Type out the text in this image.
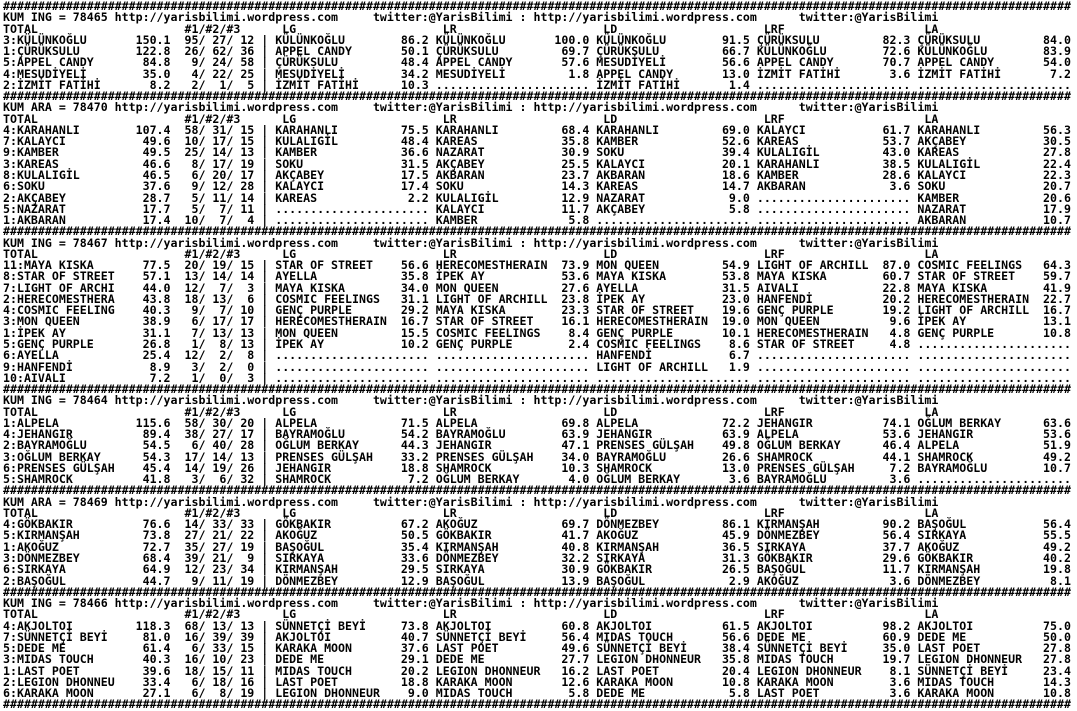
#########################################################################################################################################################
KUM ING = 78465 http://yarisbilimi.wordpress.com     twitter:@YarisBilimi : http://yarisbilimi.wordpress.com      twitter:@YarisBilimi
TOTAL                     #1/#2/#3      LG                     LR                     LD                     LRF                    LA
3:KÜLÜNKOĞLU       150.1  95/ 27/ 12 | KÜLÜNKOĞLU        86.2 KÜLÜNKOĞLU       100.0 KÜLÜNKOĞLU        91.5 ÇÜRÜKSULU         82.3 ÇÜRÜKSULU         84.0
1:ÇÜRÜKSULU        122.8  26/ 62/ 36 | APPEL CANDY       50.1 ÇÜRÜKSULU         69.7 ÇÜRÜKSULU         66.7 KÜLÜNKOĞLU        72.6 KÜLÜNKOĞLU        83.9
5:APPEL CANDY       84.8   9/ 24/ 58 | ÇÜRÜKSULU         48.4 APPEL CANDY       57.6 MESUDİYELİ        56.6 APPEL CANDY       70.7 APPEL CANDY       54.0
4:MESUDİYELİ        35.0   4/ 22/ 25 | MESUDİYELİ        34.2 MESUDİYELİ         1.8 APPEL CANDY       13.0 İZMİT FATİHİ       3.6 İZMİT FATİHİ       7.2
2:İZMİT FATİHİ       8.2   2/  1/  5 | İZMİT FATİHİ      10.3 ...................... İZMİT FATİHİ       1.4 ...................... ......................
#########################################################################################################################################################
KUM ARA = 78470 http://yarisbilimi.wordpress.com     twitter:@YarisBilimi : http://yarisbilimi.wordpress.com      twitter:@YarisBilimi
TOTAL                     #1/#2/#3      LG                     LR                     LD                     LRF                    LA
4:KARAHANLI        107.4  58/ 31/ 15 | KARAHANLI         75.5 KARAHANLI         68.4 KARAHANLI         69.0 KALAYCI           61.7 KARAHANLI         56.3
7:KALAYCI           49.6  10/ 17/ 15 | KULALIGİL         48.4 KAREAS            35.8 KAMBER            52.6 KAREAS            53.7 AKÇABEY           30.5
9:KAMBER            49.5  25/ 14/ 13 | KAMBER            36.6 NAZARAT           30.9 SOKU              39.4 KULALIGİL         43.0 KAREAS            27.8
3:KAREAS            46.6   8/ 17/ 19 | SOKU              31.5 AKÇABEY           25.5 KALAYCI           20.1 KARAHANLI         38.5 KULALIGİL         22.4
8:KULALIGİL         46.5   6/ 20/ 17 | AKÇABEY           17.5 AKBARAN           23.7 AKBARAN           18.6 KAMBER            28.6 KALAYCI           22.3
6:SOKU              37.6   9/ 12/ 28 | KALAYCI           17.4 SOKU              14.3 KAREAS            14.7 AKBARAN            3.6 SOKU              20.7
2:AKÇABEY           28.7   5/ 11/ 14 | KAREAS             2.2 KULALIGİL         12.9 NAZARAT            9.0 ...................... KAMBER            20.6
5:NAZARAT           17.7   5/  7/ 11 | ...................... KALAYCI           11.7 AKÇABEY            5.8 ...................... NAZARAT           17.9
1:AKBARAN           17.4  10/  7/  4 | ...................... KAMBER             5.8 ...................... ...................... AKBARAN           10.7
#########################################################################################################################################################
KUM ING = 78467 http://yarisbilimi.wordpress.com     twitter:@YarisBilimi : http://yarisbilimi.wordpress.com      twitter:@YarisBilimi
TOTAL                     #1/#2/#3      LG                     LR                     LD                     LRF                    LA
11:MAYA KISKA       77.5  20/ 19/ 15 | STAR OF STREET    56.6 HERECOMESTHERAIN  73.9 MON QUEEN         54.9 LIGHT OF ARCHILL  87.0 COSMIC FEELINGS   64.3
8:STAR OF STREET    57.1  13/ 14/ 14 | AYELLA            35.8 İPEK AY           53.6 MAYA KISKA        53.8 MAYA KISKA        60.7 STAR OF STREET    59.7
7:LIGHT OF ARCHI    44.0  12/  7/  3 | MAYA KISKA        34.0 MON QUEEN         27.6 AYELLA            31.5 AIVALI            22.8 MAYA KISKA        41.9
2:HERECOMESTHERA    43.8  18/ 13/  6 | COSMIC FEELINGS   31.1 LIGHT OF ARCHILL  23.8 İPEK AY           23.0 HANFENDİ          20.2 HERECOMESTHERAIN  22.7
4:COSMIC FEELING    40.3   9/  7/ 10 | GENÇ PURPLE       29.2 MAYA KISKA        23.3 STAR OF STREET    19.6 GENÇ PURPLE       19.2 LIGHT OF ARCHILL  16.7
3:MON QUEEN         38.9   6/ 17/ 17 | HERECOMESTHERAIN  16.7 STAR OF STREET    16.1 HERECOMESTHERAIN  19.0 MON QUEEN          9.6 İPEK AY           13.1
1:İPEK AY           31.1   7/ 13/ 13 | MON QUEEN         15.5 COSMIC FEELINGS    8.4 GENÇ PURPLE       10.1 HERECOMESTHERAIN   4.8 GENÇ PURPLE       10.8
5:GENÇ PURPLE       26.8   1/  8/ 13 | İPEK AY           10.2 GENÇ PURPLE        2.4 COSMIC FEELINGS    8.6 STAR OF STREET     4.8 ......................
6:AYELLA            25.4  12/  2/  8 | ...................... ...................... HANFENDİ           6.7 ...................... ......................
9:HANFENDİ           8.9   3/  2/  0 | ...................... ...................... LIGHT OF ARCHILL   1.9 ...................... ......................
10:AIVALI            7.2   1/  0/  3 | ...................... ...................... ...................... ...................... ......................
#########################################################################################################################################################
KUM ING = 78464 http://yarisbilimi.wordpress.com     twitter:@YarisBilimi : http://yarisbilimi.wordpress.com      twitter:@YarisBilimi
TOTAL                     #1/#2/#3      LG                     LR                     LD                     LRF                    LA
1:ALPELA           115.6  58/ 30/ 20 | ALPELA            71.5 ALPELA            69.8 ALPELA            72.2 JEHANGIR          74.1 OĞLUM BERKAY      63.6
4:JEHANGIR          89.4  38/ 27/ 17 | BAYRAMOĞLU        54.2 BAYRAMOĞLU        63.9 JEHANGIR          63.9 ALPELA            53.6 JEHANGIR          53.6
2:BAYRAMOĞLU        54.5   6/ 40/ 28 | OĞLUM BERKAY      44.3 JEHANGIR          47.1 PRENSES GÜLŞAH    49.8 OĞLUM BERKAY      46.4 ALPELA            51.9
3:OĞLUM BERKAY      54.3  17/ 14/ 13 | PRENSES GÜLŞAH    33.2 PRENSES GÜLŞAH    34.0 BAYRAMOĞLU        26.6 SHAMROCK          44.1 SHAMROCK          49.2
6:PRENSES GÜLŞAH    45.4  14/ 19/ 26 | JEHANGIR          18.8 SHAMROCK          10.3 SHAMROCK          13.0 PRENSES GÜLŞAH     7.2 BAYRAMOĞLU        10.7
5:SHAMROCK          41.8   3/  6/ 32 | SHAMROCK           7.2 OĞLUM BERKAY       4.0 OĞLUM BERKAY       3.6 BAYRAMOĞLU         3.6 ......................
#########################################################################################################################################################
KUM ARA = 78469 http://yarisbilimi.wordpress.com     twitter:@YarisBilimi : http://yarisbilimi.wordpress.com      twitter:@YarisBilimi
TOTAL                     #1/#2/#3      LG                     LR                     LD                     LRF                    LA
4:GÖKBAKIR          76.6  14/ 33/ 33 | GÖKBAKIR          67.2 AKOĞUZ            69.7 DÖNMEZBEY         86.1 KIRMANŞAH         90.2 BAŞOĞUL           56.4
5:KIRMANŞAH         73.8  27/ 21/ 22 | AKOĞUZ            50.5 GÖKBAKIR          41.7 AKOĞUZ            45.9 DÖNMEZBEY         56.4 SIRKAYA           55.5
1:AKOĞUZ            72.7  35/ 27/ 19 | BAŞOĞUL           35.4 KIRMANŞAH         40.8 KIRMANŞAH         36.5 SIRKAYA           37.7 AKOĞUZ            49.2
3:DÖNMEZBEY         68.4  39/ 21/  9 | SIRKAYA           33.6 DÖNMEZBEY         32.2 SIRKAYA           31.3 GÖKBAKIR          29.6 GÖKBAKIR          40.2
6:SIRKAYA           64.9  12/ 23/ 34 | KIRMANŞAH         29.5 SIRKAYA           30.9 GÖKBAKIR          26.5 BAŞOĞUL           11.7 KIRMANŞAH         19.8
2:BAŞOĞUL           44.7   9/ 11/ 19 | DÖNMEZBEY         12.9 BAŞOĞUL           13.9 BAŞOĞUL            2.9 AKOĞUZ             3.6 DÖNMEZBEY          8.1
#########################################################################################################################################################
KUM ING = 78466 http://yarisbilimi.wordpress.com     twitter:@YarisBilimi : http://yarisbilimi.wordpress.com      twitter:@YarisBilimi
TOTAL                     #1/#2/#3      LG                     LR                     LD                     LRF                    LA
4:AKJOLTOI         118.3  68/ 13/ 13 | SÜNNETÇİ BEYİ     73.8 AKJOLTOI          60.8 AKJOLTOI          61.5 AKJOLTOI          98.2 AKJOLTOI          75.0
7:SÜNNETÇİ BEYİ     81.0  16/ 39/ 39 | AKJOLTOI          40.7 SÜNNETÇİ BEYİ     56.4 MIDAS TOUCH       56.6 DEDE ME           60.9 DEDE ME           50.0
5:DEDE ME           61.4   6/ 33/ 15 | KARAKA MOON       37.6 LAST POET         49.6 SÜNNETÇİ BEYİ     38.4 SÜNNETÇİ BEYİ     35.0 LAST POET         27.8
3:MIDAS TOUCH       40.3  16/ 10/ 23 | DEDE ME           29.1 DEDE ME           27.7 LEGION DHONNEUR   35.8 MIDAS TOUCH       19.7 LEGION DHONNEUR   27.8
1:LAST POET         39.6  18/ 15/ 11 | MIDAS TOUCH       20.2 LEGION DHONNEUR   16.2 LAST POET         20.4 LEGION DHONNEUR    8.1 SÜNNETÇİ BEYİ     23.4
2:LEGION DHONNEU    33.4   6/ 18/ 16 | LAST POET         18.8 KARAKA MOON       12.6 KARAKA MOON       10.8 KARAKA MOON        3.6 MIDAS TOUCH       14.3
6:KARAKA MOON       27.1   6/  8/ 19 | LEGION DHONNEUR    9.0 MIDAS TOUCH        5.8 DEDE ME            5.8 LAST POET          3.6 KARAKA MOON       10.8
#########################################################################################################################################################
